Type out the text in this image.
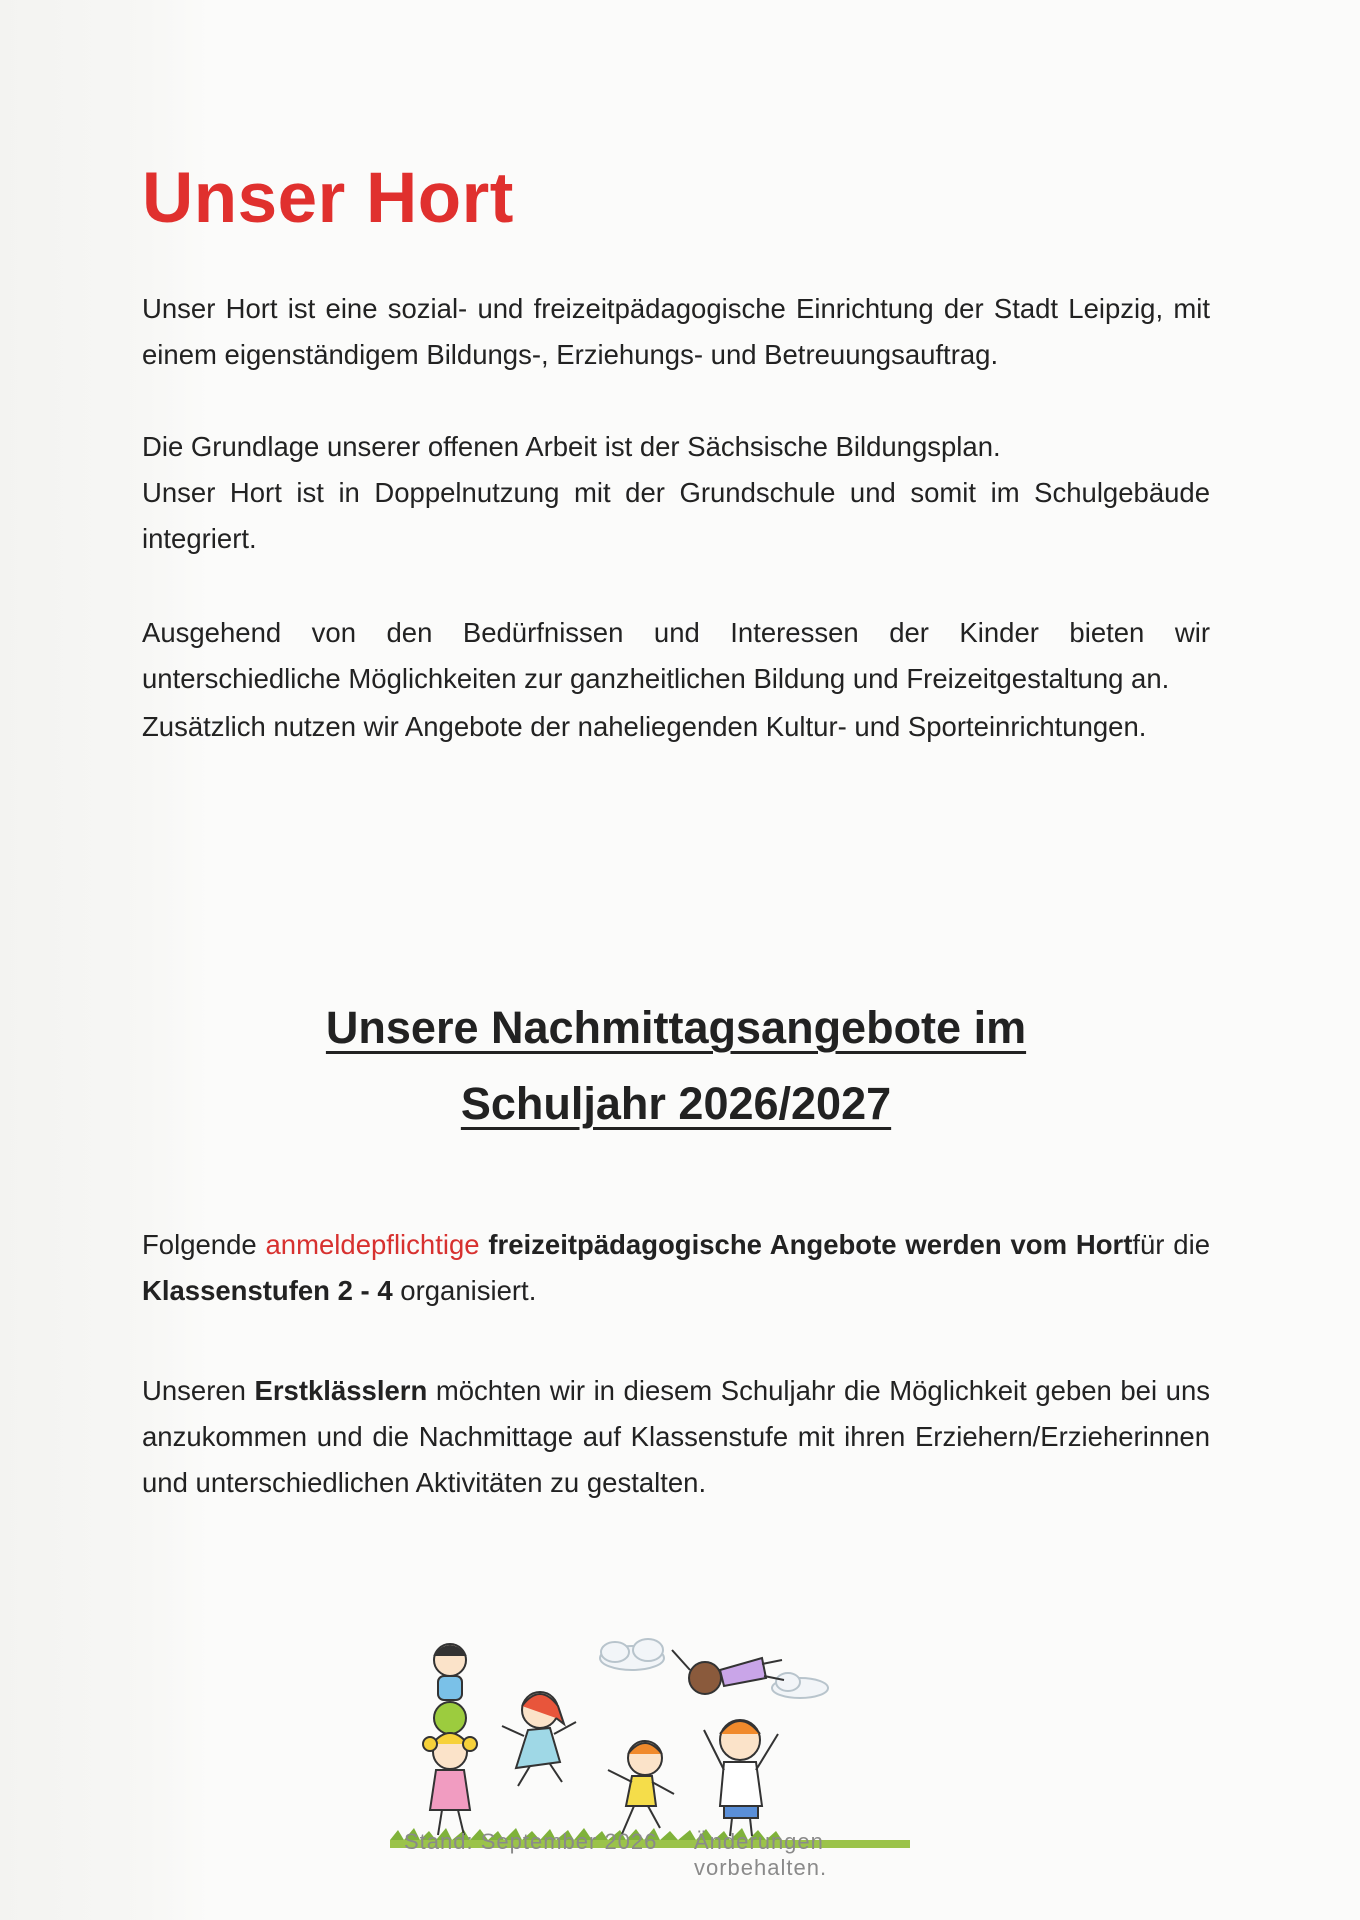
Unser Hort

Unser Hort ist eine sozial- und freizeitpädagogische Einrichtung der Stadt Leipzig, mit einem eigenständigem Bildungs-, Erziehungs- und Betreuungsauftrag.

Die Grundlage unserer offenen Arbeit ist der Sächsische Bildungsplan.

Unser Hort ist in Doppelnutzung mit der Grundschule und somit im Schulgebäude integriert.

Ausgehend von den Bedürfnissen und Interessen der Kinder bieten wir unterschiedliche Möglichkeiten zur ganzheitlichen Bildung und Freizeitgestaltung an.

Zusätzlich nutzen wir Angebote der naheliegenden Kultur- und Sporteinrichtungen.

Unsere Nachmittagsangebote im
Schuljahr 2026/2027

Folgende anmeldepflichtige freizeitpädagogische Angebote werden vom Hortfür die Klassenstufen 2 - 4 organisiert.

Unseren Erstklässlern möchten wir in diesem Schuljahr die Möglichkeit geben bei uns anzukommen und die Nachmittage auf Klassenstufe mit ihren Erziehern/Erzieherinnen und unterschiedlichen Aktivitäten zu gestalten.

Stand: September 2026 Änderungen vorbehalten.
